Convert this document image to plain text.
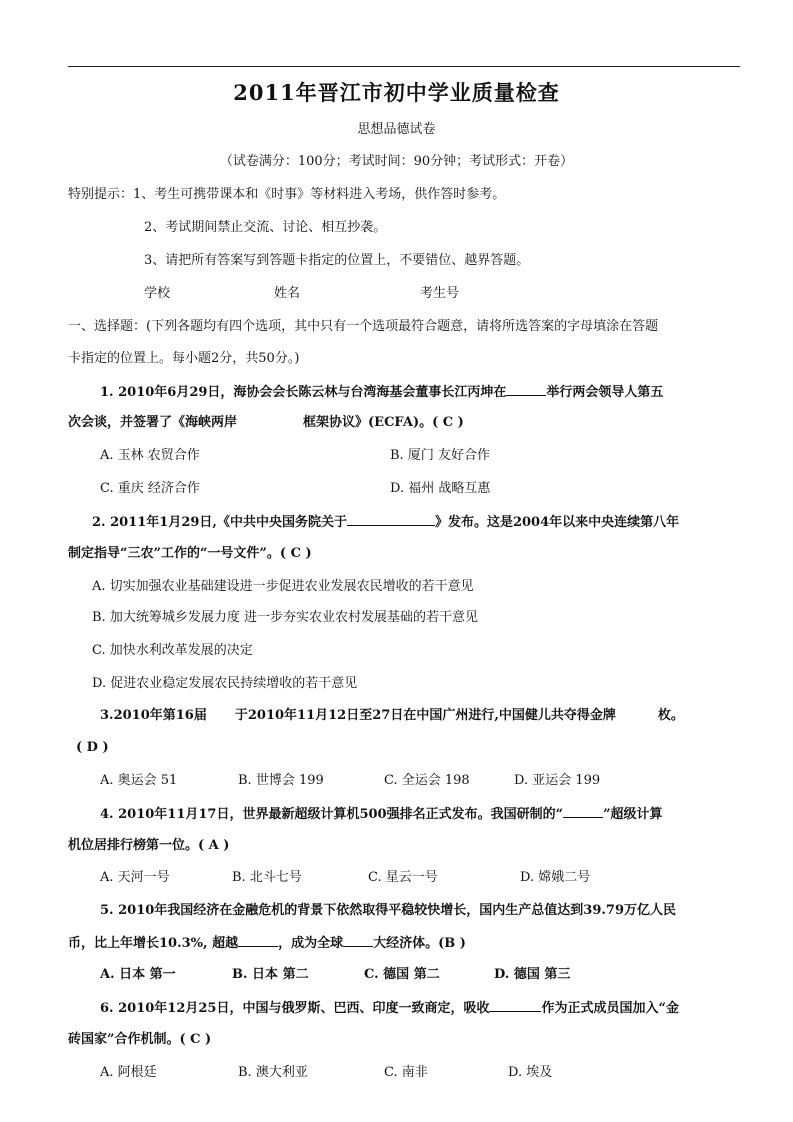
2011年晋江市初中学业质量检查
思想品德试卷
（试卷满分：100分；考试时间：90分钟；考试形式：开卷）
特别提示：1、考生可携带课本和《时事》等材料进入考场，供作答时参考。
2、考试期间禁止交流、讨论、相互抄袭。
3、请把所有答案写到答题卡指定的位置上，不要错位、越界答题。
学校	姓名	考生号
一、选择题：(下列各题均有四个选项，其中只有一个选项最符合题意，请将所选答案的字母填涂在答题
卡指定的位置上。每小题2分，共50分。)
1. 2010年6月29日，海协会会长陈云林与台湾海基会董事长江丙坤在	举行两会领导人第五
次会谈，并签署了《海峡两岸	框架协议》(ECFA)。( C )
A. 玉林 农贸合作	B. 厦门 友好合作
C. 重庆 经济合作	D. 福州 战略互惠
2. 2011年1月29日,《中共中央国务院关于	》发布。这是2004年以来中央连续第八年
制定指导“三农”工作的“一号文件”。( C )
A. 切实加强农业基础建设进一步促进农业发展农民增收的若干意见
B. 加大统筹城乡发展力度 进一步夯实农业农村发展基础的若干意见
C. 加快水利改革发展的决定
D. 促进农业稳定发展农民持续增收的若干意见
3.2010年第16届 于2010年11月12日至27日在中国广州进行,中国健儿共夺得金牌	枚。
( D )
A. 奥运会 51	B. 世博会 199	C. 全运会 198	D. 亚运会 199
4. 2010年11月17日，世界最新超级计算机500强排名正式发布。我国研制的“	”超级计算
机位居排行榜第一位。( A )
A. 天河一号	B. 北斗七号	C. 星云一号	D. 嫦娥二号
5. 2010年我国经济在金融危机的背景下依然取得平稳较快增长，国内生产总值达到39.79万亿人民
币，比上年增长10.3%, 超越	，成为全球 大经济体。(B )
A. 日本 第一	B. 日本 第二	C. 德国 第二	D. 德国 第三
6. 2010年12月25日，中国与俄罗斯、巴西、印度一致商定，吸收	作为正式成员国加入“金
砖国家”合作机制。( C )
A. 阿根廷	B. 澳大利亚	C. 南非	D. 埃及
